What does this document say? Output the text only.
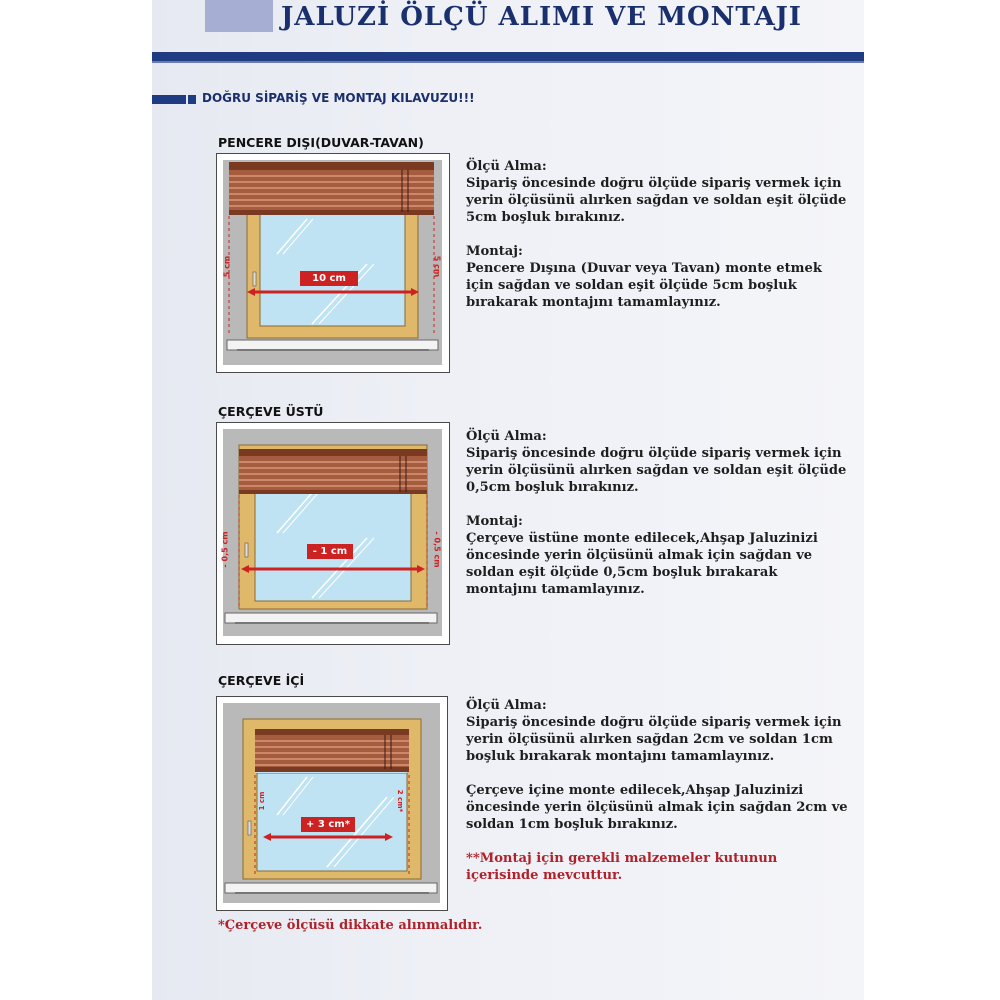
JALUZİ ÖLÇÜ ALIMI VE MONTAJI
DOĞRU SİPARİŞ VE MONTAJ KILAVUZU!!!
PENCERE DIŞI(DUVAR-TAVAN)
10 cm
5 cm	5 cm

Ölçü Alma:

Sipariş öncesinde doğru ölçüde sipariş vermek için yerin ölçüsünü alırken sağdan ve soldan eşit ölçüde 5cm boşluk bırakınız.

Montaj:

Pencere Dışına (Duvar veya Tavan) monte etmek için sağdan ve soldan eşit ölçüde 5cm boşluk bırakarak montajını tamamlayınız.

ÇERÇEVE ÜSTÜ
- 1 cm
- 0,5 cm	- 0,5 cm

Ölçü Alma:

Sipariş öncesinde doğru ölçüde sipariş vermek için yerin ölçüsünü alırken sağdan ve soldan eşit ölçüde 0,5cm boşluk bırakınız.

Montaj:

Çerçeve üstüne monte edilecek,Ahşap Jaluzinizi öncesinde yerin ölçüsünü almak için sağdan ve soldan eşit ölçüde 0,5cm boşluk bırakarak montajını tamamlayınız.

ÇERÇEVE İÇİ
+ 3 cm*
1 cm	2 cm*

Ölçü Alma:

Sipariş öncesinde doğru ölçüde sipariş vermek için yerin ölçüsünü alırken sağdan 2cm ve soldan 1cm boşluk bırakarak montajını tamamlayınız.

Çerçeve içine monte edilecek,Ahşap Jaluzinizi öncesinde yerin ölçüsünü almak için sağdan 2cm ve soldan 1cm boşluk bırakınız.

**Montaj için gerekli malzemeler kutunun içerisinde mevcuttur.

*Çerçeve ölçüsü dikkate alınmalıdır.
